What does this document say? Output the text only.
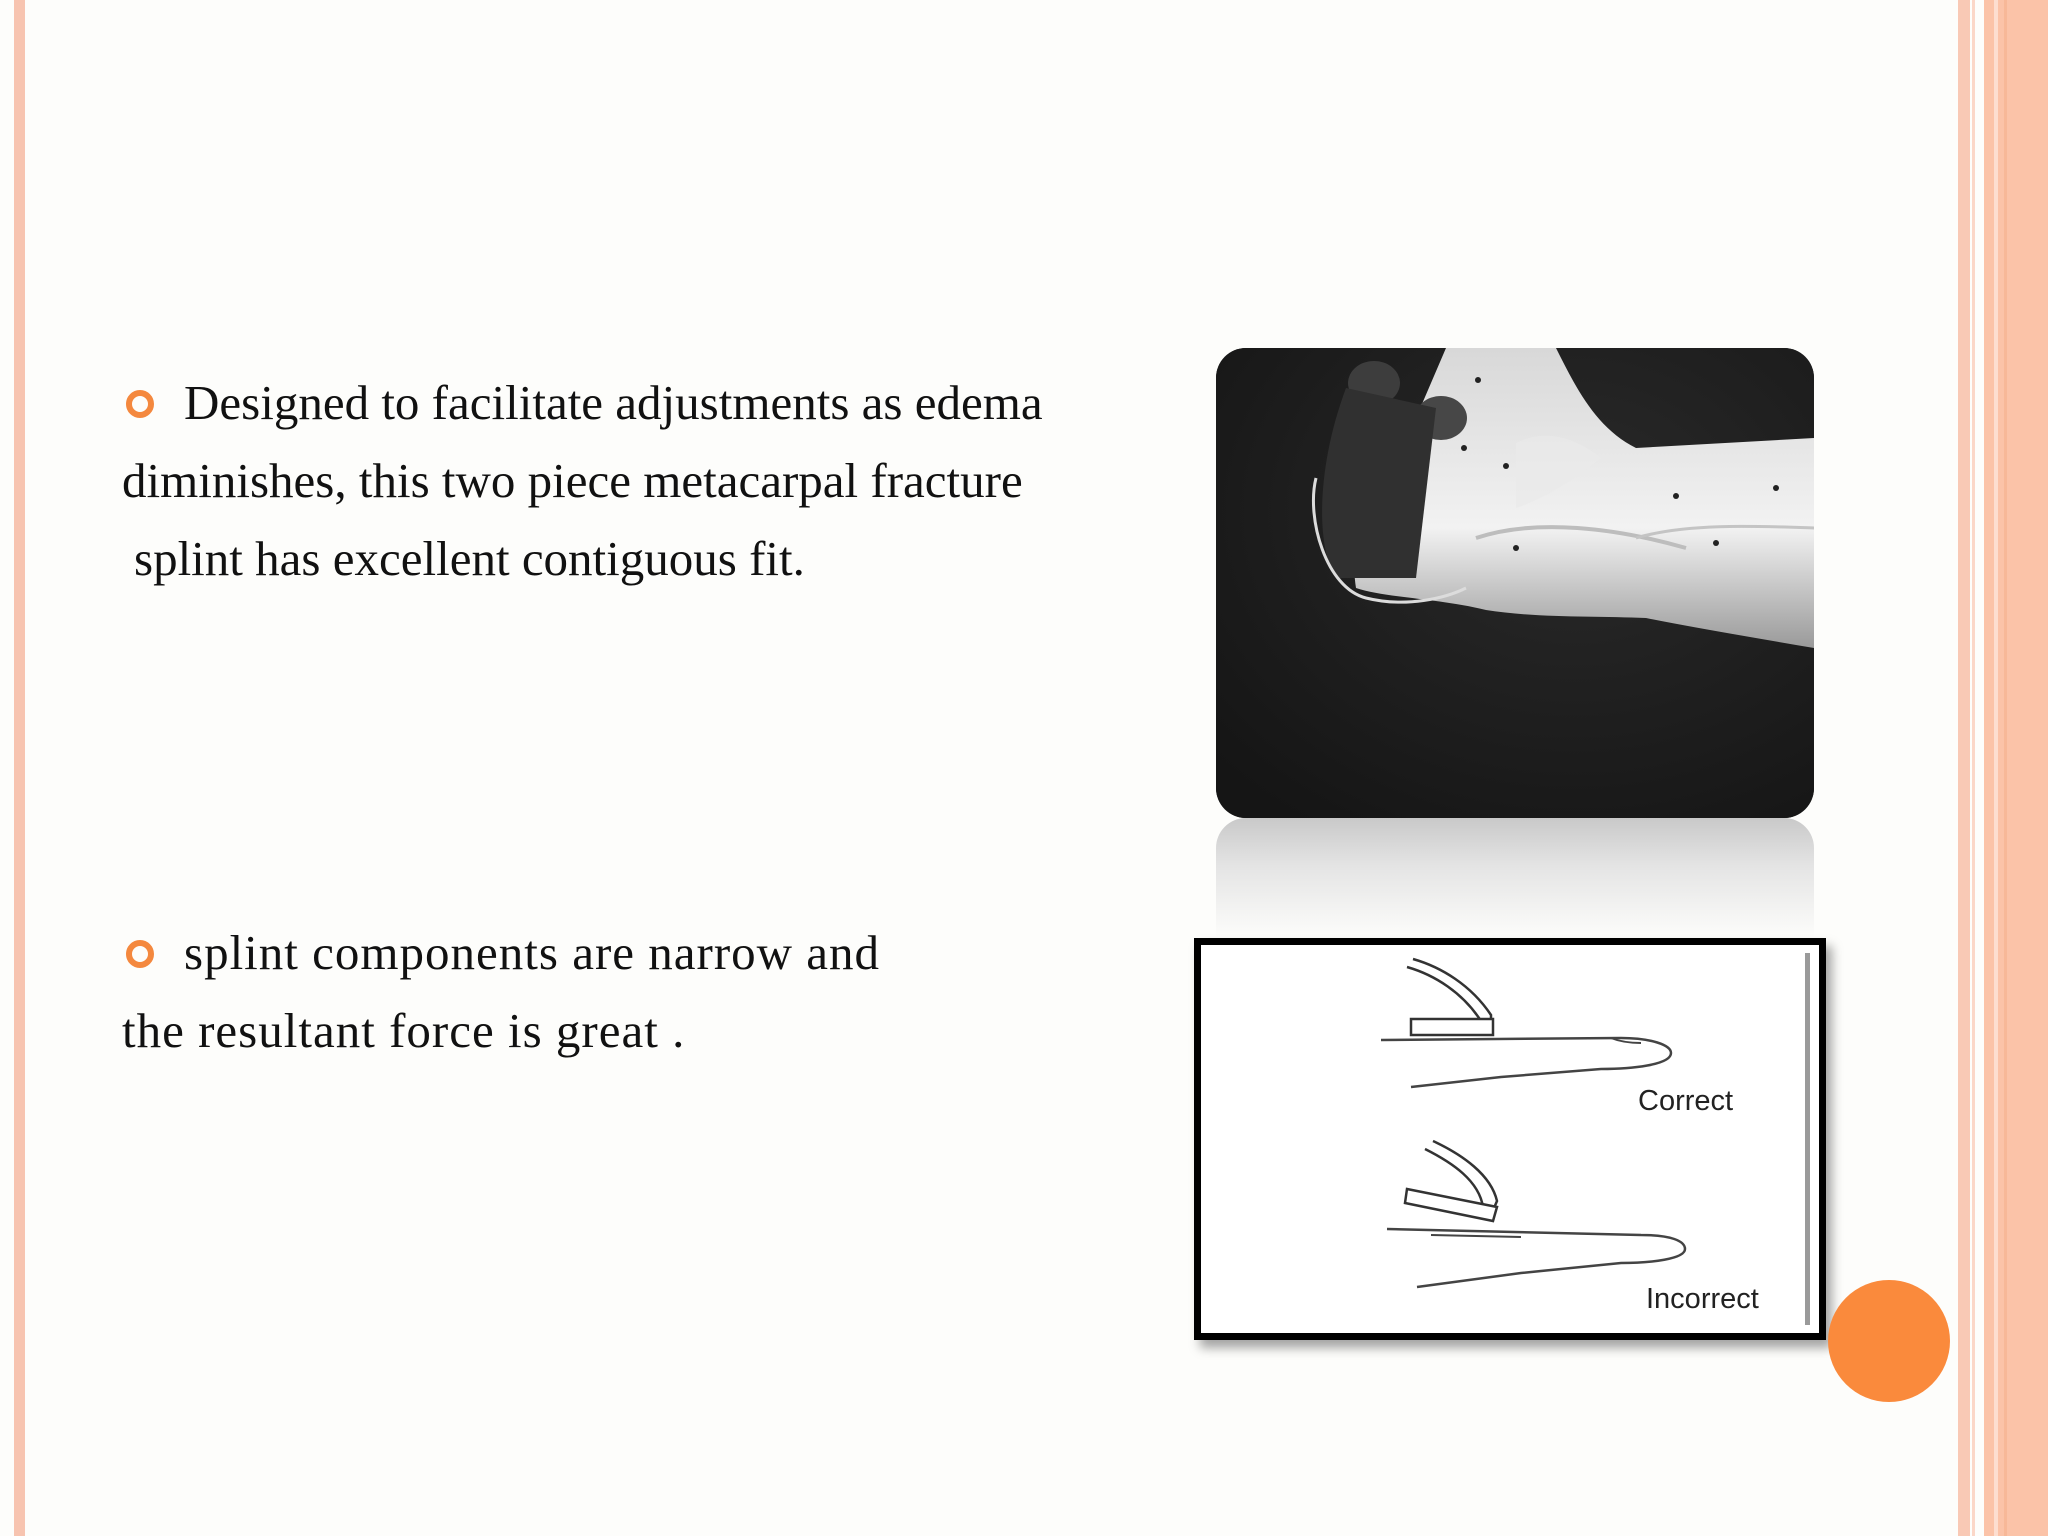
Designed to facilitate adjustments as edema
diminishes, this two piece metacarpal fracture
splint has excellent contiguous fit.
splint components are narrow and
the resultant force is great .
Correct
Incorrect
